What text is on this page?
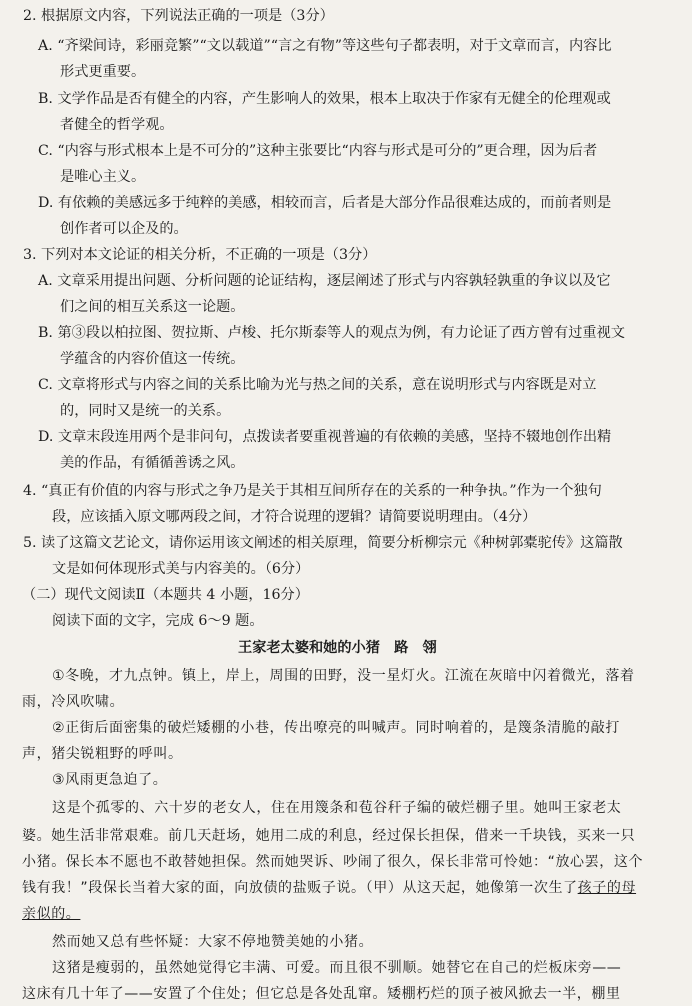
2. 根据原文内容，下列说法正确的一项是（3分）
A. “齐梁间诗，彩丽竞繁”“文以载道”“言之有物”等这些句子都表明，对于文章而言，内容比
形式更重要。
B. 文学作品是否有健全的内容，产生影响人的效果，根本上取决于作家有无健全的伦理观或
者健全的哲学观。
C. “内容与形式根本上是不可分的”这种主张要比“内容与形式是可分的”更合理，因为后者
是唯心主义。
D. 有依赖的美感远多于纯粹的美感，相较而言，后者是大部分作品很难达成的，而前者则是
创作者可以企及的。
3. 下列对本文论证的相关分析，不正确的一项是（3分）
A. 文章采用提出问题、分析问题的论证结构，逐层阐述了形式与内容孰轻孰重的争议以及它
们之间的相互关系这一论题。
B. 第③段以柏拉图、贺拉斯、卢梭、托尔斯泰等人的观点为例，有力论证了西方曾有过重视文
学蕴含的内容价值这一传统。
C. 文章将形式与内容之间的关系比喻为光与热之间的关系，意在说明形式与内容既是对立
的，同时又是统一的关系。
D. 文章末段连用两个是非问句，点拨读者要重视普遍的有依赖的美感，坚持不辍地创作出精
美的作品，有循循善诱之风。
4. “真正有价值的内容与形式之争乃是关于其相互间所存在的关系的一种争执。”作为一个独句
段，应该插入原文哪两段之间，才符合说理的逻辑？请简要说明理由。（4分）
5. 读了这篇文艺论文，请你运用该文阐述的相关原理，简要分析柳宗元《种树郭橐驼传》这篇散
文是如何体现形式美与内容美的。（6分）
（二）现代文阅读Ⅱ（本题共 4 小题，16分）
阅读下面的文字，完成 6～9 题。
王家老太婆和她的小猪　路　翎
①冬晚，才九点钟。镇上，岸上，周围的田野，没一星灯火。江流在灰暗中闪着微光，落着
雨，冷风吹啸。
②正街后面密集的破烂矮棚的小巷，传出嘹亮的叫喊声。同时响着的，是篾条清脆的敲打
声，猪尖锐粗野的呼叫。
③风雨更急迫了。
这是个孤零的、六十岁的老女人，住在用篾条和苞谷秆子编的破烂棚子里。她叫王家老太
婆。她生活非常艰难。前几天赶场，她用二成的利息，经过保长担保，借来一千块钱，买来一只
小猪。保长本不愿也不敢替她担保。然而她哭诉、吵闹了很久，保长非常可怜她：“放心罢，这个
钱有我！”段保长当着大家的面，向放债的盐贩子说。（甲）从这天起，她像第一次生了孩子的母
亲似的。
然而她又总有些怀疑：大家不停地赞美她的小猪。
这猪是瘦弱的，虽然她觉得它丰满、可爱。而且很不驯顺。她替它在自己的烂板床旁——
这床有几十年了——安置了个住处；但它总是各处乱窜。矮棚朽烂的顶子被风掀去一半，棚里
